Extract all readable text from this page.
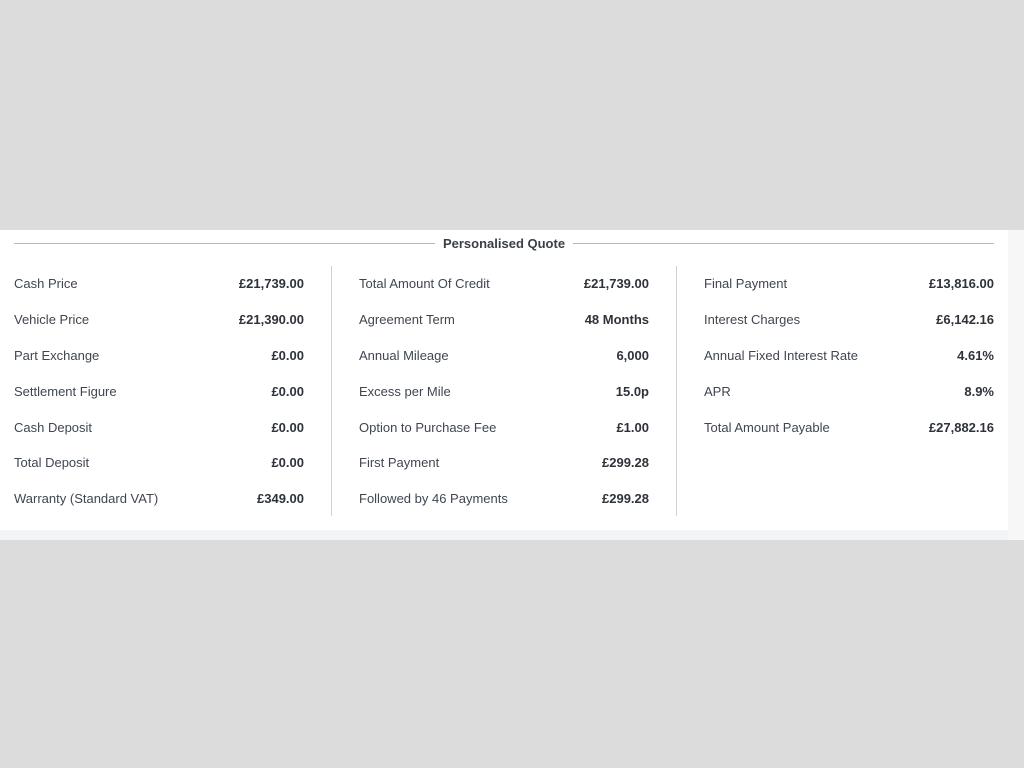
Personalised Quote
Cash Price	£21,739.00
Vehicle Price	£21,390.00
Part Exchange	£0.00
Settlement Figure	£0.00
Cash Deposit	£0.00
Total Deposit	£0.00
Warranty (Standard VAT)	£349.00
Total Amount Of Credit	£21,739.00
Agreement Term	48 Months
Annual Mileage	6,000
Excess per Mile	15.0p
Option to Purchase Fee	£1.00
First Payment	£299.28
Followed by 46 Payments	£299.28
Final Payment	£13,816.00
Interest Charges	£6,142.16
Annual Fixed Interest Rate	4.61%
APR	8.9%
Total Amount Payable	£27,882.16
